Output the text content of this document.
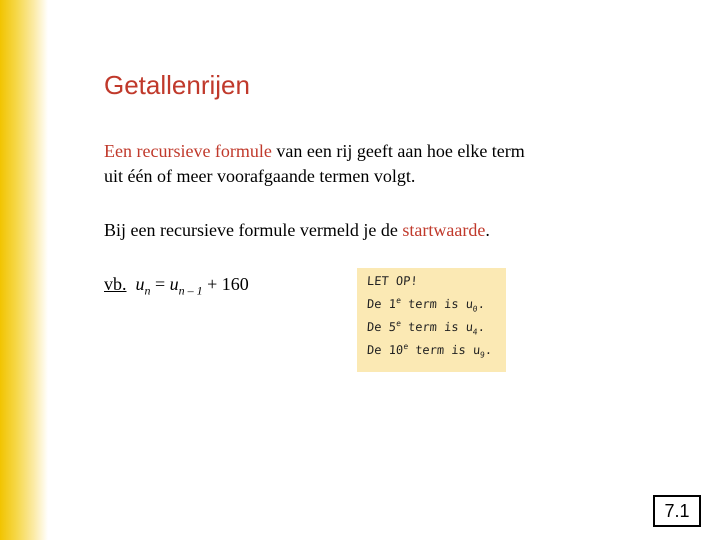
Getallenrijen
Een recursieve formule van een rij geeft aan hoe elke term
uit één of meer voorafgaande termen volgt.
Bij een recursieve formule vermeld je de startwaarde.
vb. $u_n = u_{n - 1} + 160$	LET OP!
De 1e term is $u_0$.
De 5e term is $u_4$.
De 10e term is $u_9$.
7.1
